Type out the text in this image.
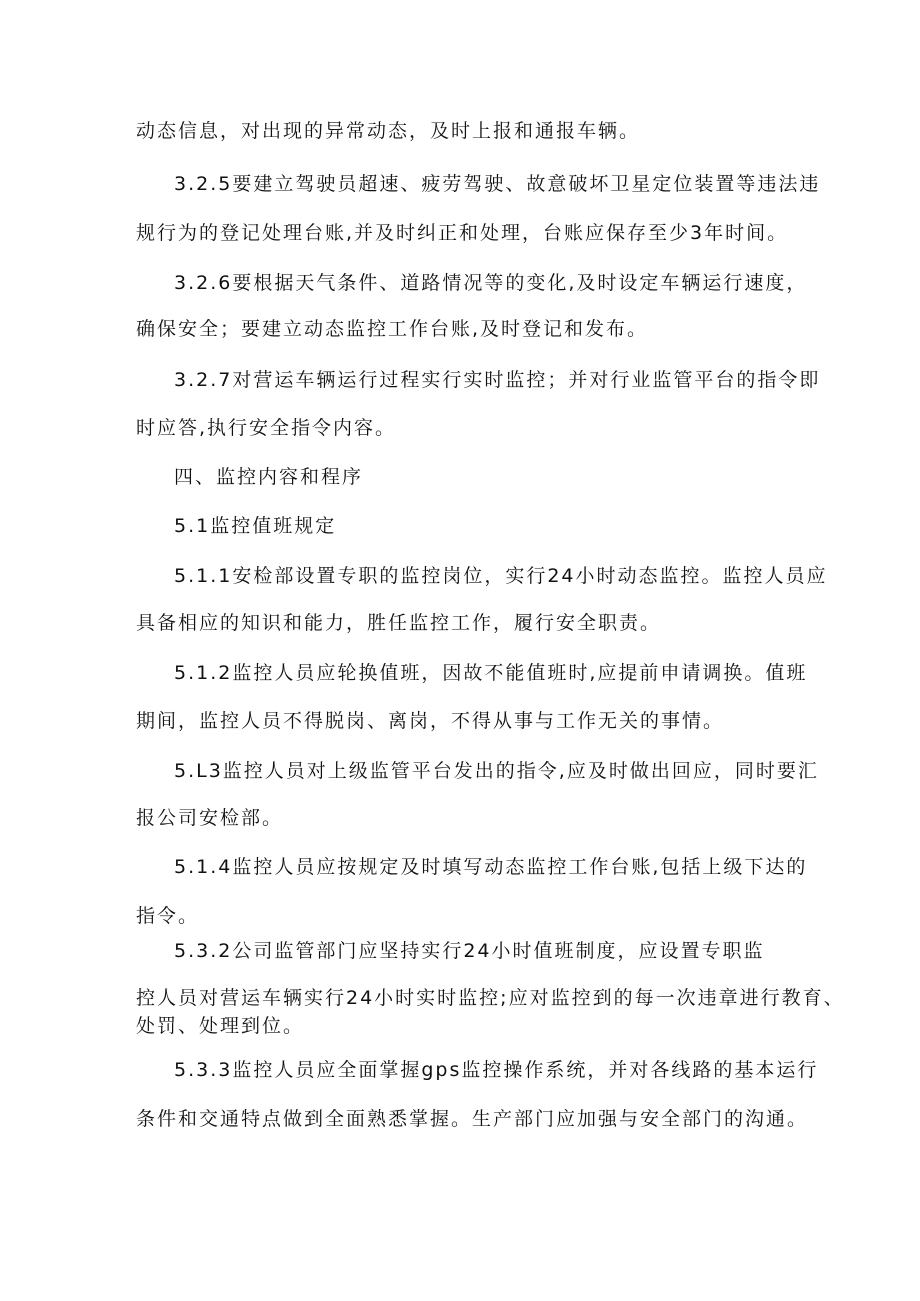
动态信息，对出现的异常动态，及时上报和通报车辆。
3.2.5要建立驾驶员超速、疲劳驾驶、故意破坏卫星定位装置等违法违
规行为的登记处理台账,并及时纠正和处理，台账应保存至少3年时间。
3.2.6要根据天气条件、道路情况等的变化,及时设定车辆运行速度，
确保安全；要建立动态监控工作台账,及时登记和发布。
3.2.7对营运车辆运行过程实行实时监控；并对行业监管平台的指令即
时应答,执行安全指令内容。
四、监控内容和程序
5.1监控值班规定
5.1.1安检部设置专职的监控岗位，实行24小时动态监控。监控人员应
具备相应的知识和能力，胜任监控工作，履行安全职责。
5.1.2监控人员应轮换值班，因故不能值班时,应提前申请调换。值班
期间，监控人员不得脱岗、离岗，不得从事与工作无关的事情。
5.L3监控人员对上级监管平台发出的指令,应及时做出回应，同时要汇
报公司安检部。
5.1.4监控人员应按规定及时填写动态监控工作台账,包括上级下达的
指令。
5.3.2公司监管部门应坚持实行24小时值班制度，应设置专职监
控人员对营运车辆实行24小时实时监控;应对监控到的每一次违章进行教育、
处罚、处理到位。
5.3.3监控人员应全面掌握gps监控操作系统，并对各线路的基本运行
条件和交通特点做到全面熟悉掌握。生产部门应加强与安全部门的沟通。
